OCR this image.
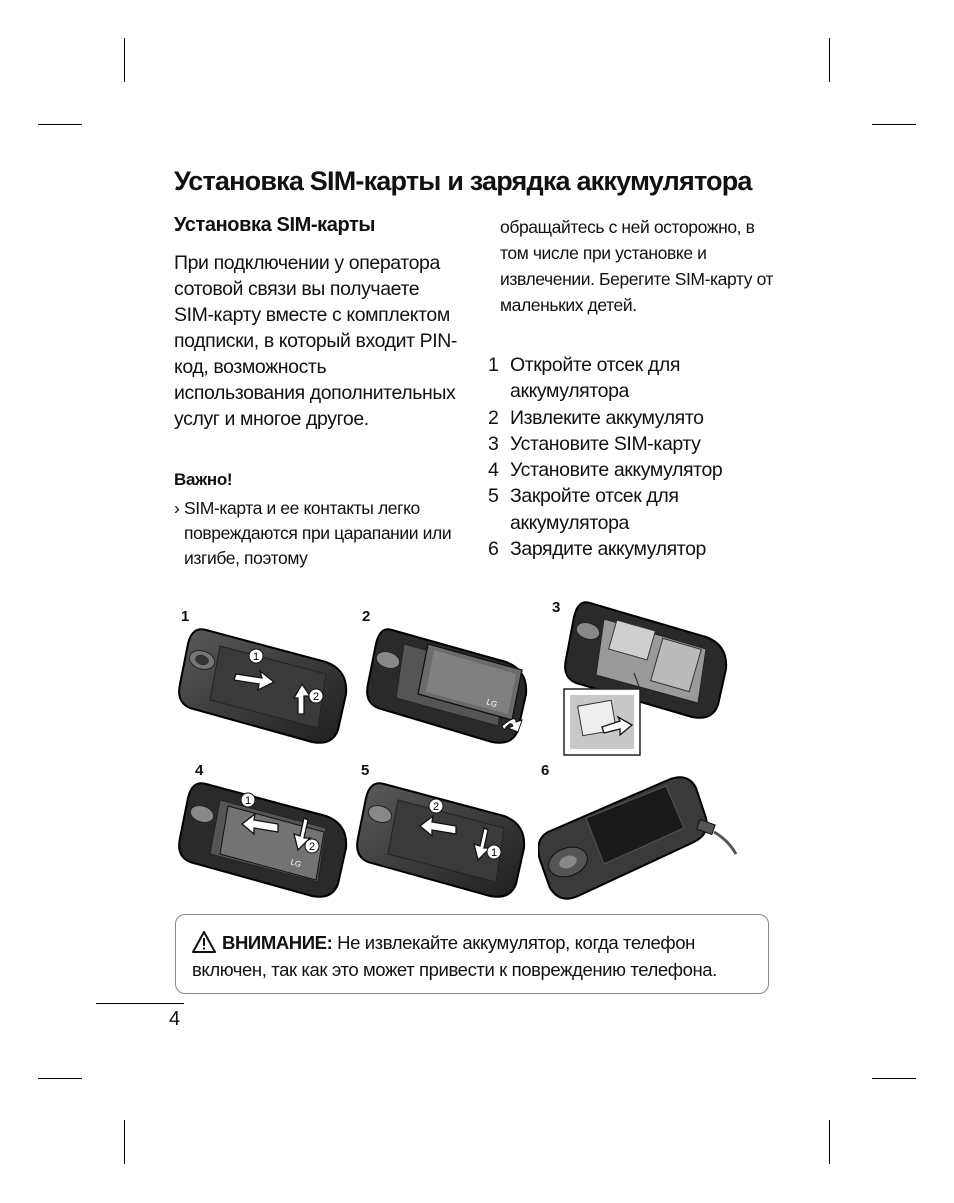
Установка SIM-карты и зарядка аккумулятора
Установка SIM-карты

При подключении у оператора сотовой связи вы получаете SIM-карту вместе с комплектом подписки, в который входит PIN-код, возможность использования дополнительных услуг и многое другое.

Важно!
› SIM-карта и ее контакты легко повреждаются при царапании или изгибе, поэтому
обращайтесь с ней осторожно, в том числе при установке и извлечении. Берегите SIM-карту от маленьких детей.
1 Откройте отсек для аккумулятора
2 Извлеките аккумулято
3 Установите SIM-карту
4 Установите аккумулятор
5 Закройте отсек для аккумулятора
6 Зарядите аккумулятор
1	2
3
4	5	6
1
2
LG
LG
1
2
2
1
ВНИМАНИЕ: Не извлекайте аккумулятор, когда телефон
включен, так как это может привести к повреждению телефона.
4
